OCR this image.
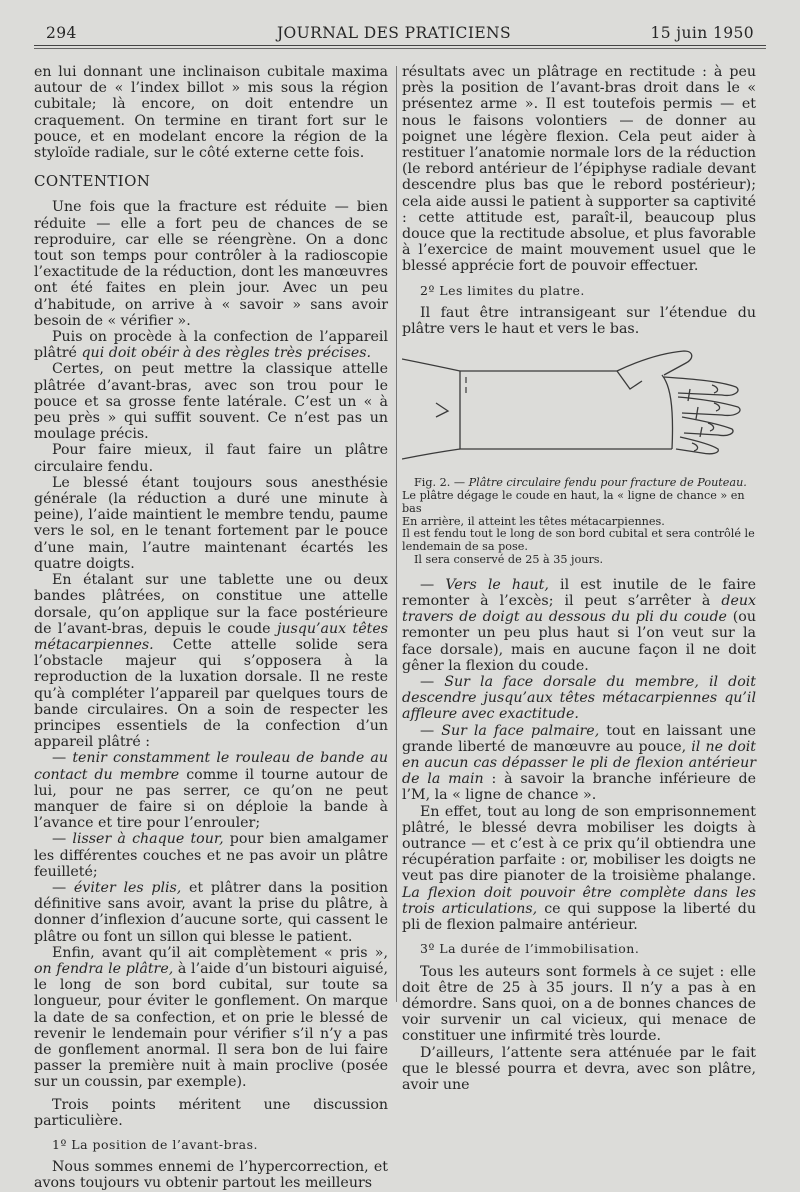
294	JOURNAL DES PRATICIENS	15 juin 1950

en lui donnant une inclinaison cubitale maxima autour de « l’index billot » mis sous la région cubitale; là encore, on doit entendre un craquement. On termine en tirant fort sur le pouce, et en modelant encore la région de la styloïde radiale, sur le côté externe cette fois.

CONTENTION

Une fois que la fracture est réduite — bien réduite — elle a fort peu de chances de se reproduire, car elle se réengrène. On a donc tout son temps pour contrôler à la radioscopie l’exactitude de la réduction, dont les manœuvres ont été faites en plein jour. Avec un peu d’habitude, on arrive à « savoir » sans avoir besoin de « vérifier ».

Puis on procède à la confection de l’appareil plâtré qui doit obéir à des règles très précises.

Certes, on peut mettre la classique attelle plâtrée d’avant-bras, avec son trou pour le pouce et sa grosse fente latérale. C’est un « à peu près » qui suffit souvent. Ce n’est pas un moulage précis.

Pour faire mieux, il faut faire un plâtre circulaire fendu.

Le blessé étant toujours sous anesthésie générale (la réduction a duré une minute à peine), l’aide maintient le membre tendu, paume vers le sol, en le tenant fortement par le pouce d’une main, l’autre maintenant écartés les quatre doigts.

En étalant sur une tablette une ou deux bandes plâtrées, on constitue une attelle dorsale, qu’on applique sur la face postérieure de l’avant-bras, depuis le coude jusqu’aux têtes métacarpiennes. Cette attelle solide sera l’obstacle majeur qui s’opposera à la reproduction de la luxation dorsale. Il ne reste qu’à compléter l’appareil par quelques tours de bande circulaires. On a soin de respecter les principes essentiels de la confection d’un appareil plâtré :

— tenir constamment le rouleau de bande au contact du membre comme il tourne autour de lui, pour ne pas serrer, ce qu’on ne peut manquer de faire si on déploie la bande à l’avance et tire pour l’enrouler;

— lisser à chaque tour, pour bien amalgamer les différentes couches et ne pas avoir un plâtre feuilleté;

— éviter les plis, et plâtrer dans la position définitive sans avoir, avant la prise du plâtre, à donner d’inflexion d’aucune sorte, qui cassent le plâtre ou font un sillon qui blesse le patient.

Enfin, avant qu’il ait complètement « pris », on fendra le plâtre, à l’aide d’un bistouri aiguisé, le long de son bord cubital, sur toute sa longueur, pour éviter le gonflement. On marque la date de sa confection, et on prie le blessé de revenir le lendemain pour vérifier s’il n’y a pas de gonflement anormal. Il sera bon de lui faire passer la première nuit à main proclive (posée sur un coussin, par exemple).

Trois points méritent une discussion particulière.

1º La position de l’avant-bras.

Nous sommes ennemi de l’hypercorrection, et avons toujours vu obtenir partout les meilleurs

résultats avec un plâtrage en rectitude : à peu près la position de l’avant-bras droit dans le « présentez arme ». Il est toutefois permis — et nous le faisons volontiers — de donner au poignet une légère flexion. Cela peut aider à restituer l’anatomie normale lors de la réduction (le rebord antérieur de l’épiphyse radiale devant descendre plus bas que le rebord postérieur); cela aide aussi le patient à supporter sa captivité : cette attitude est, paraît-il, beaucoup plus douce que la rectitude absolue, et plus favorable à l’exercice de maint mouvement usuel que le blessé apprécie fort de pouvoir effectuer.

2º Les limites du platre.

Il faut être intransigeant sur l’étendue du plâtre vers le haut et vers le bas.

Fig. 2. — Plâtre circulaire fendu pour fracture de Pouteau.
Le plâtre dégage le coude en haut, la « ligne de chance » en bas
En arrière, il atteint les têtes métacarpiennes.
Il est fendu tout le long de son bord cubital et sera contrôlé le lendemain de sa pose.
Il sera conservé de 25 à 35 jours.

— Vers le haut, il est inutile de le faire remonter à l’excès; il peut s’arrêter à deux travers de doigt au dessous du pli du coude (ou remonter un peu plus haut si l’on veut sur la face dorsale), mais en aucune façon il ne doit gêner la flexion du coude.

— Sur la face dorsale du membre, il doit descendre jusqu’aux têtes métacarpiennes qu’il affleure avec exactitude.

— Sur la face palmaire, tout en laissant une grande liberté de manœuvre au pouce, il ne doit en aucun cas dépasser le pli de flexion antérieur de la main : à savoir la branche inférieure de l’M, la « ligne de chance ».

En effet, tout au long de son emprisonnement plâtré, le blessé devra mobiliser les doigts à outrance — et c’est à ce prix qu’il obtiendra une récupération parfaite : or, mobiliser les doigts ne veut pas dire pianoter de la troisième phalange. La flexion doit pouvoir être complète dans les trois articulations, ce qui suppose la liberté du pli de flexion palmaire antérieur.

3º La durée de l’immobilisation.

Tous les auteurs sont formels à ce sujet : elle doit être de 25 à 35 jours. Il n’y a pas à en démordre. Sans quoi, on a de bonnes chances de voir survenir un cal vicieux, qui menace de constituer une infirmité très lourde.

D’ailleurs, l’attente sera atténuée par le fait que le blessé pourra et devra, avec son plâtre, avoir une
